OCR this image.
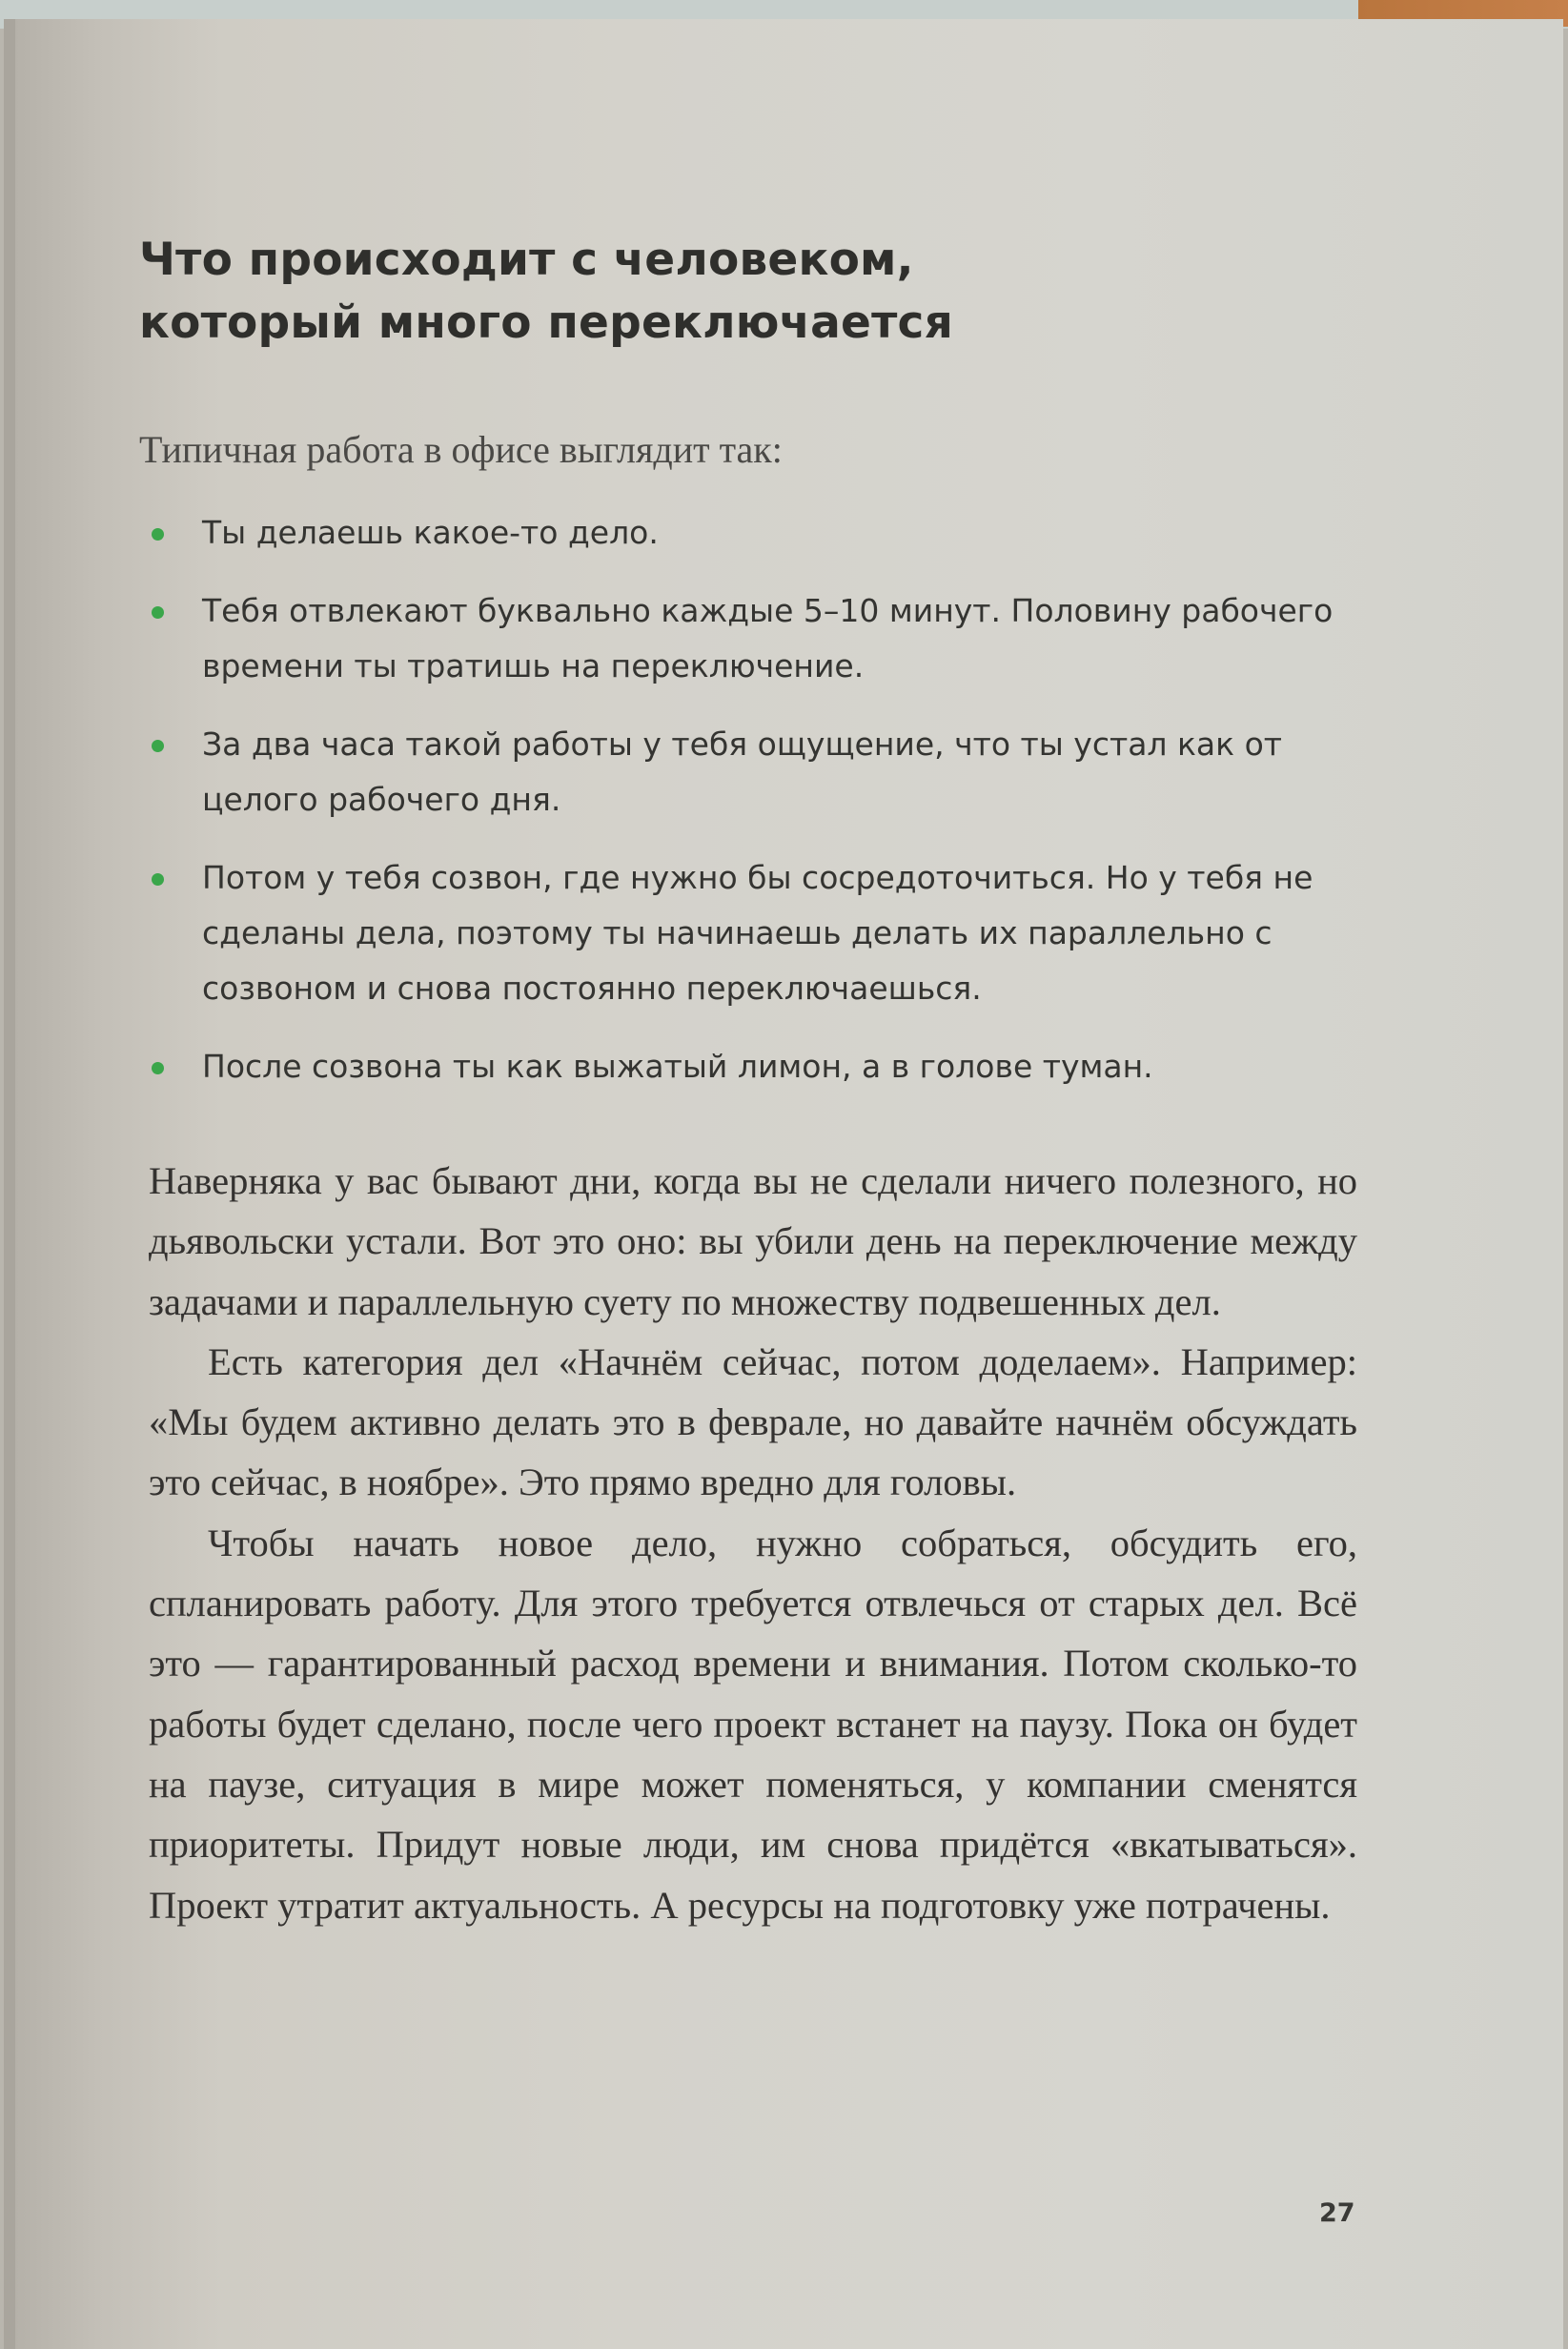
Что происходит с человеком,
который много переключается
Типичная работа в офисе выглядит так:
Ты делаешь какое-то дело.
Тебя отвлекают буквально каждые 5–10 минут. Половину рабочего времени ты тратишь на переключение.
За два часа такой работы у тебя ощущение, что ты устал как от целого рабочего дня.
Потом у тебя созвон, где нужно бы сосредоточиться. Но у тебя не сделаны дела, поэтому ты начинаешь делать их параллельно с созвоном и снова постоянно переключаешься.
После созвона ты как выжатый лимон, а в голове туман.

Наверняка у вас бывают дни, когда вы не сделали ничего полезного, но дьявольски устали. Вот это оно: вы убили день на переключение между задачами и параллельную суету по множеству подвешенных дел.

Есть категория дел «Начнём сейчас, потом доделаем». Например: «Мы будем активно делать это в феврале, но давайте начнём обсуждать это сейчас, в ноябре». Это прямо вредно для головы.

Чтобы начать новое дело, нужно собраться, обсудить его, спланировать работу. Для этого требуется отвлечься от старых дел. Всё это — гарантированный расход времени и внимания. Потом сколько-то работы будет сделано, после чего проект встанет на паузу. Пока он будет на паузе, ситуация в мире может поменяться, у компании сменятся приоритеты. Придут новые люди, им снова придётся «вкатываться». Проект утратит актуальность. А ресурсы на подготовку уже потрачены.

27
